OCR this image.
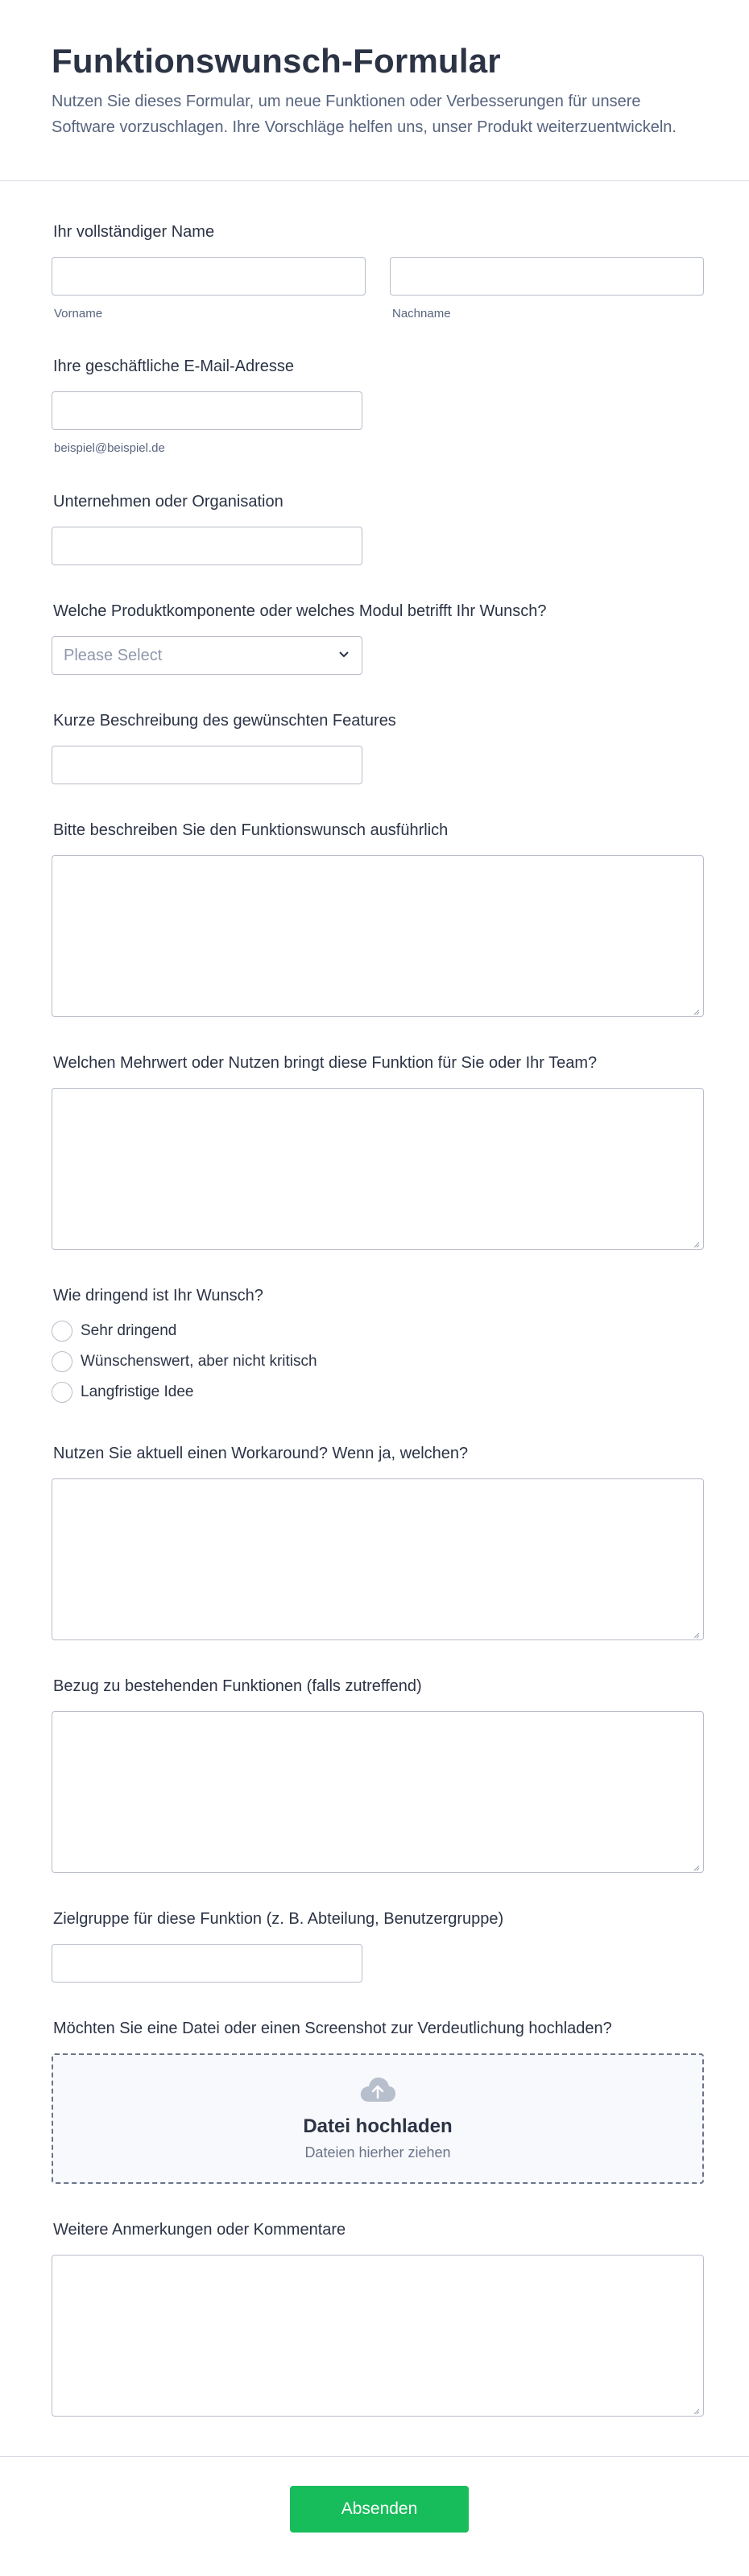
Funktionswunsch-Formular

Nutzen Sie dieses Formular, um neue Funktionen oder Verbesserungen für unsere Software vorzuschlagen. Ihre Vorschläge helfen uns, unser Produkt weiterzuentwickeln.

Ihr vollständiger Name
Vorname	Nachname
Ihre geschäftliche E-Mail-Adresse
beispiel@beispiel.de
Unternehmen oder Organisation
Welche Produktkomponente oder welches Modul betrifft Ihr Wunsch?
Please Select
Kurze Beschreibung des gewünschten Features
Bitte beschreiben Sie den Funktionswunsch ausführlich
Welchen Mehrwert oder Nutzen bringt diese Funktion für Sie oder Ihr Team?
Wie dringend ist Ihr Wunsch?
Sehr dringend
Wünschenswert, aber nicht kritisch
Langfristige Idee
Nutzen Sie aktuell einen Workaround? Wenn ja, welchen?
Bezug zu bestehenden Funktionen (falls zutreffend)
Zielgruppe für diese Funktion (z. B. Abteilung, Benutzergruppe)
Möchten Sie eine Datei oder einen Screenshot zur Verdeutlichung hochladen?
Datei hochladen
Dateien hierher ziehen
Weitere Anmerkungen oder Kommentare
Absenden
